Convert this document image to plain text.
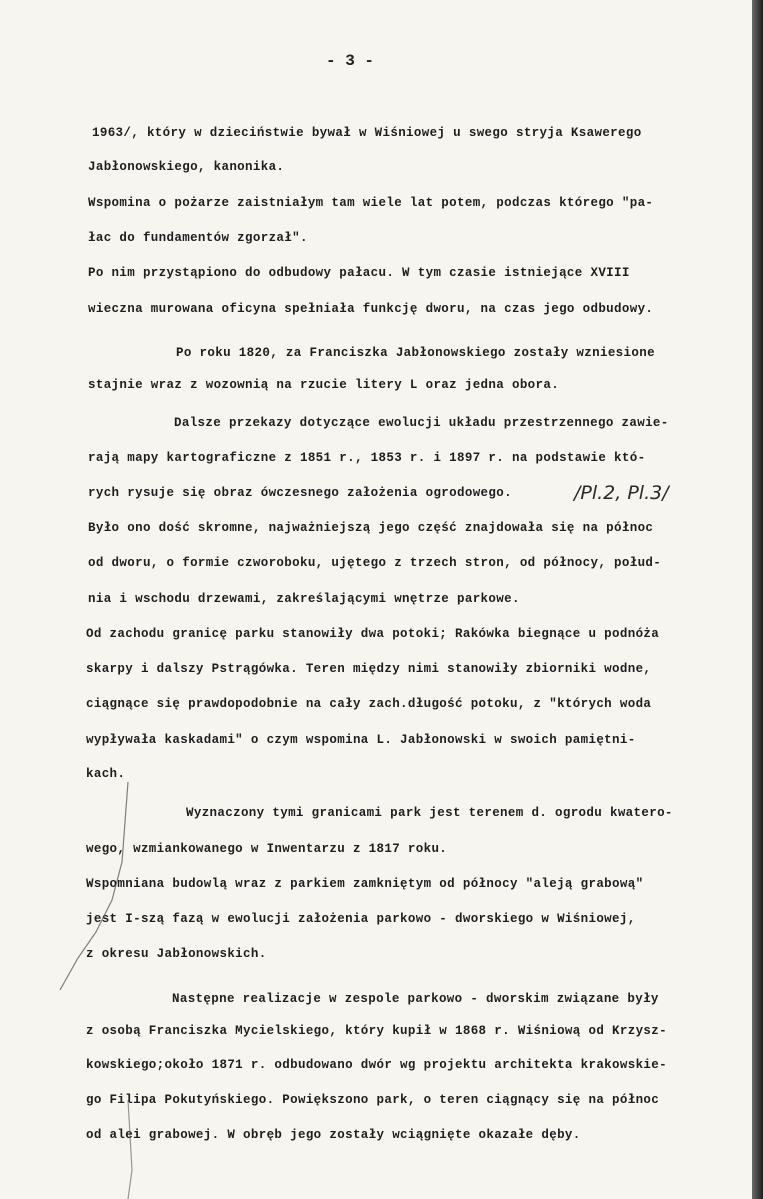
- 3 -
1963/, który w dzieciństwie bywał w Wiśniowej u swego stryja Ksawerego
Jabłonowskiego, kanonika.
Wspomina o pożarze zaistniałym tam wiele lat potem, podczas którego "pa-
łac do fundamentów zgorzał".
Po nim przystąpiono do odbudowy pałacu. W tym czasie istniejące XVIII
wieczna murowana oficyna spełniała funkcję dworu, na czas jego odbudowy.
Po roku 1820, za Franciszka Jabłonowskiego zostały wzniesione
stajnie wraz z wozownią na rzucie litery L oraz jedna obora.
Dalsze przekazy dotyczące ewolucji układu przestrzennego zawie-
rają mapy kartograficzne z 1851 r., 1853 r. i 1897 r. na podstawie któ-
rych rysuje się obraz ówczesnego założenia ogrodowego.	/Pl.2, Pl.3/
Było ono dość skromne, najważniejszą jego część znajdowała się na północ
od dworu, o formie czworoboku, ujętego z trzech stron, od północy, połud-
nia i wschodu drzewami, zakreślającymi wnętrze parkowe.
Od zachodu granicę parku stanowiły dwa potoki; Rakówka biegnące u podnóża
skarpy i dalszy Pstrągówka. Teren między nimi stanowiły zbiorniki wodne,
ciągnące się prawdopodobnie na cały zach.długość potoku, z "których woda
wypływała kaskadami" o czym wspomina L. Jabłonowski w swoich pamiętni-
kach.
Wyznaczony tymi granicami park jest terenem d. ogrodu kwatero-
wego, wzmiankowanego w Inwentarzu z 1817 roku.
Wspomniana budowlą wraz z parkiem zamkniętym od północy "aleją grabową"
jest I-szą fazą w ewolucji założenia parkowo - dworskiego w Wiśniowej,
z okresu Jabłonowskich.
Następne realizacje w zespole parkowo - dworskim związane były
z osobą Franciszka Mycielskiego, który kupił w 1868 r. Wiśniową od Krzysz-
kowskiego;około 1871 r. odbudowano dwór wg projektu architekta krakowskie-
go Filipa Pokutyńskiego. Powiększono park, o teren ciągnący się na północ
od alei grabowej. W obręb jego zostały wciągnięte okazałe dęby.
